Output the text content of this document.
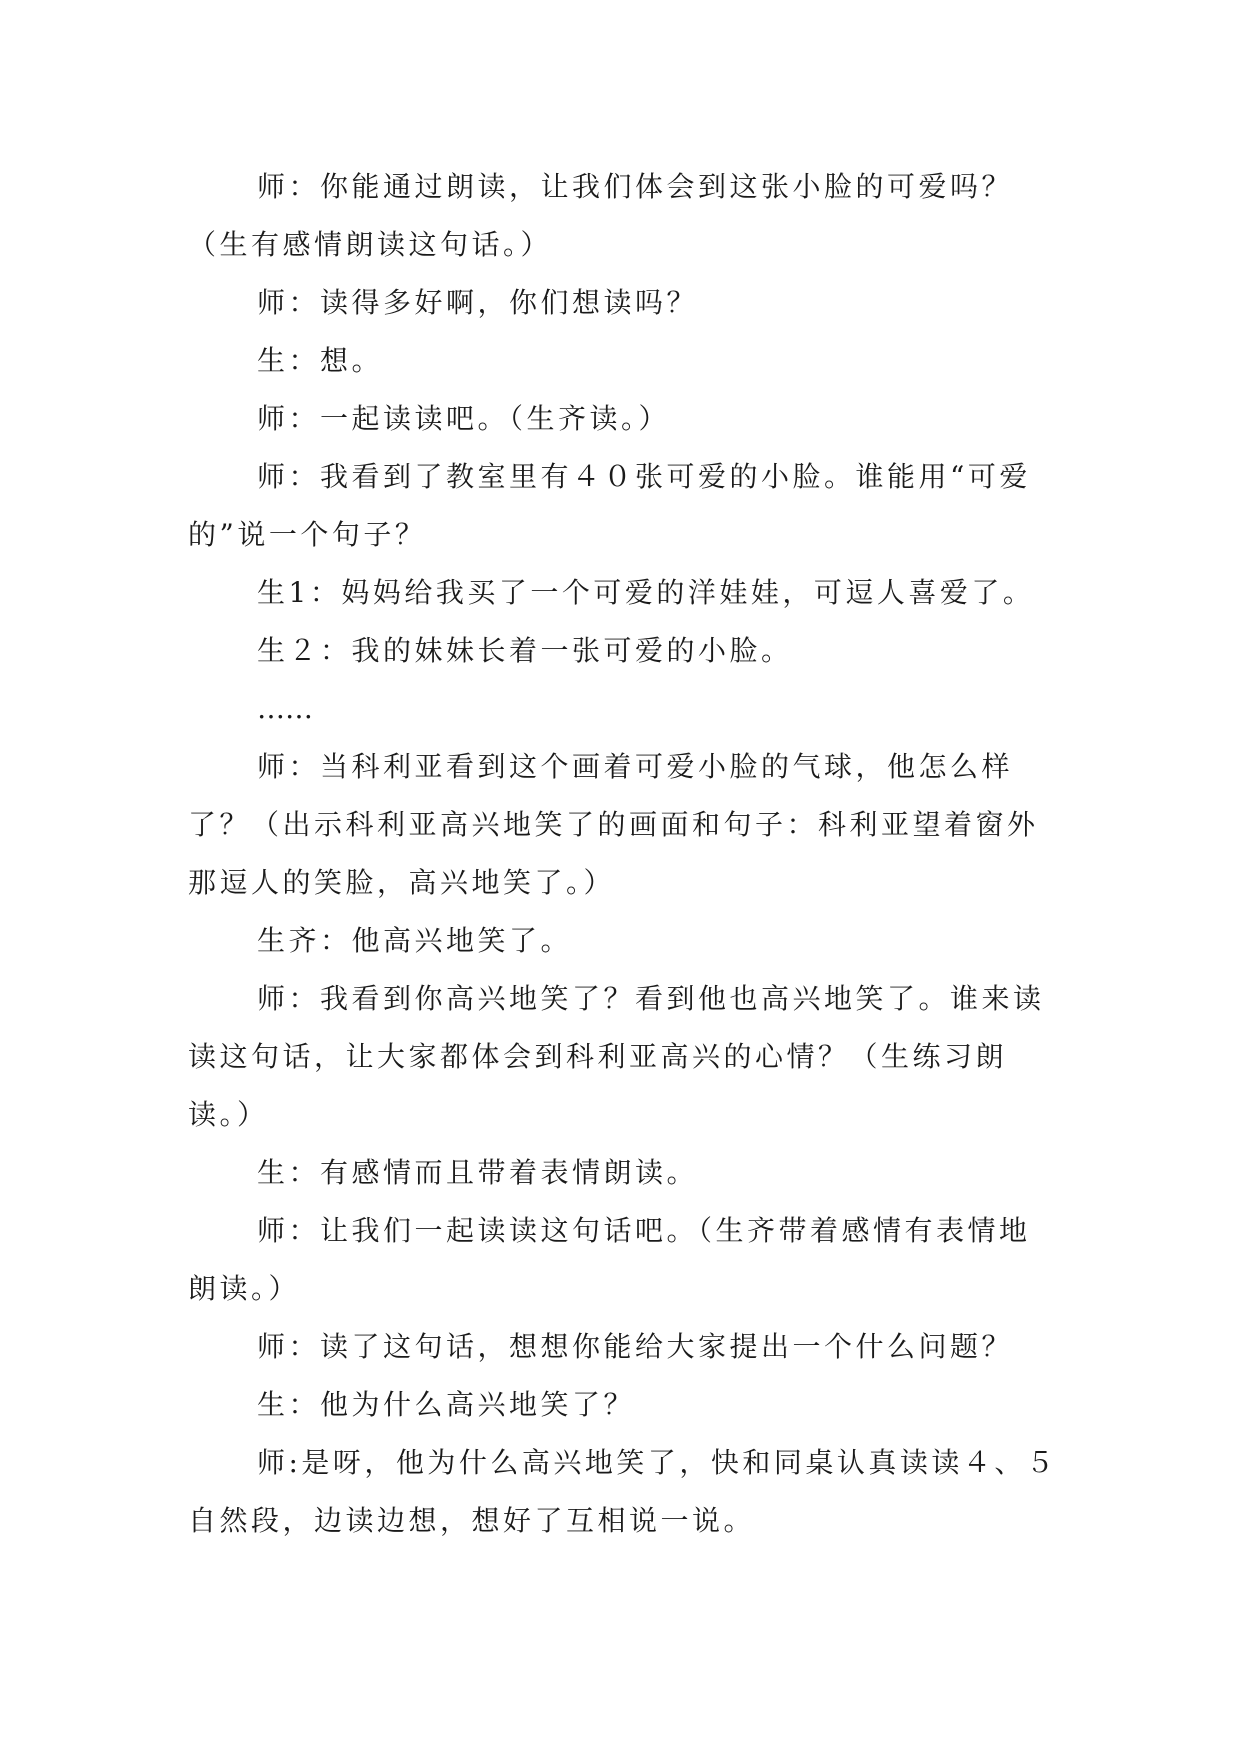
师：你能通过朗读，让我们体会到这张小脸的可爱吗？（生有感情朗读这句话。）

师：读得多好啊，你们想读吗？

生：想。

师：一起读读吧。（生齐读。）

师：我看到了教室里有４０张可爱的小脸。谁能用“可爱的”说一个句子？

生1：妈妈给我买了一个可爱的洋娃娃，可逗人喜爱了。

生２：我的妹妹长着一张可爱的小脸。

……

师：当科利亚看到这个画着可爱小脸的气球，他怎么样了？（出示科利亚高兴地笑了的画面和句子：科利亚望着窗外那逗人的笑脸，高兴地笑了。）

生齐：他高兴地笑了。

师：我看到你高兴地笑了？看到他也高兴地笑了。谁来读读这句话，让大家都体会到科利亚高兴的心情？（生练习朗读。）

生：有感情而且带着表情朗读。

师：让我们一起读读这句话吧。（生齐带着感情有表情地朗读。）

师：读了这句话，想想你能给大家提出一个什么问题？

生：他为什么高兴地笑了？

师:是呀，他为什么高兴地笑了，快和同桌认真读读４、５自然段，边读边想，想好了互相说一说。
